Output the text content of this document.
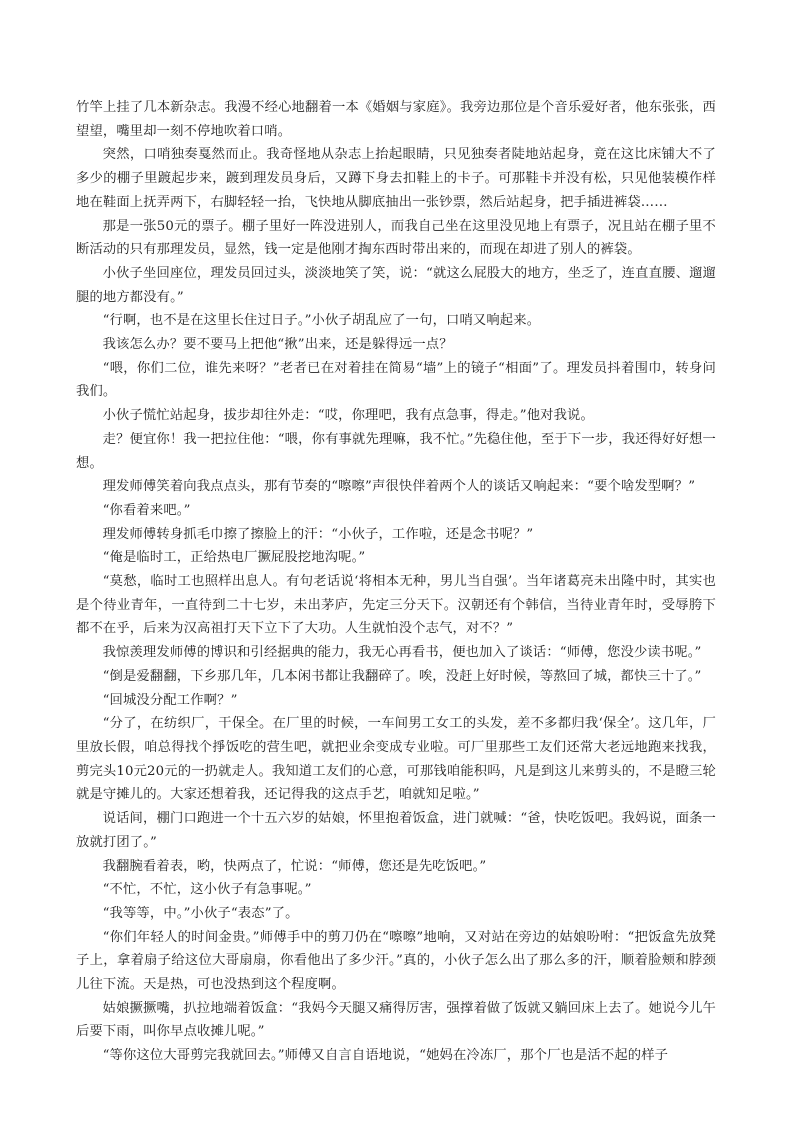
竹竿上挂了几本新杂志。我漫不经心地翻着一本《婚姻与家庭》。我旁边那位是个音乐爱好者，他东张张，西望望，嘴里却一刻不停地吹着口哨。

突然，口哨独奏戛然而止。我奇怪地从杂志上抬起眼睛，只见独奏者陡地站起身，竟在这比床铺大不了多少的棚子里踱起步来，踱到理发员身后，又蹲下身去扣鞋上的卡子。可那鞋卡并没有松，只见他装模作样地在鞋面上抚弄两下，右脚轻轻一抬，飞快地从脚底抽出一张钞票，然后站起身，把手插进裤袋……

那是一张50元的票子。棚子里好一阵没进别人，而我自己坐在这里没见地上有票子，况且站在棚子里不断活动的只有那理发员，显然，钱一定是他刚才掏东西时带出来的，而现在却进了别人的裤袋。

小伙子坐回座位，理发员回过头，淡淡地笑了笑，说：“就这么屁股大的地方，坐乏了，连直直腰、遛遛腿的地方都没有。”

“行啊，也不是在这里长住过日子。”小伙子胡乱应了一句，口哨又响起来。

我该怎么办？要不要马上把他“揪”出来，还是躲得远一点？

“喂，你们二位，谁先来呀？”老者已在对着挂在简易“墙”上的镜子“相面”了。理发员抖着围巾，转身问我们。

小伙子慌忙站起身，拔步却往外走：“哎，你理吧，我有点急事，得走。”他对我说。

走？便宜你！我一把拉住他：“喂，你有事就先理嘛，我不忙。”先稳住他，至于下一步，我还得好好想一想。

理发师傅笑着向我点点头，那有节奏的“嚓嚓”声很快伴着两个人的谈话又响起来：“要个啥发型啊？”

“你看着来吧。”

理发师傅转身抓毛巾擦了擦脸上的汗：“小伙子，工作啦，还是念书呢？”

“俺是临时工，正给热电厂撅屁股挖地沟呢。”

“莫愁，临时工也照样出息人。有句老话说‘将相本无种，男儿当自强’。当年诸葛亮未出隆中时，其实也是个待业青年，一直待到二十七岁，未出茅庐，先定三分天下。汉朝还有个韩信，当待业青年时，受辱胯下都不在乎，后来为汉高祖打天下立下了大功。人生就怕没个志气，对不？”

我惊羡理发师傅的博识和引经据典的能力，我无心再看书，便也加入了谈话：“师傅，您没少读书呢。”

“倒是爱翻翻，下乡那几年，几本闲书都让我翻碎了。唉，没赶上好时候，等熬回了城，都快三十了。”

“回城没分配工作啊？”

“分了，在纺织厂，干保全。在厂里的时候，一车间男工女工的头发，差不多都归我‘保全’。这几年，厂里放长假，咱总得找个掙饭吃的营生吧，就把业余变成专业啦。可厂里那些工友们还常大老远地跑来找我，剪完头10元20元的一扔就走人。我知道工友们的心意，可那钱咱能积吗，凡是到这儿来剪头的，不是瞪三轮就是守摊儿的。大家还想着我，还记得我的这点手艺，咱就知足啦。”

说话间，棚门口跑进一个十五六岁的姑娘，怀里抱着饭盒，进门就喊：“爸，快吃饭吧。我妈说，面条一放就打团了。”

我翻腕看着表，哟，快两点了，忙说：“师傅，您还是先吃饭吧。”

“不忙，不忙，这小伙子有急事呢。”

“我等等，中。”小伙子“表态”了。

“你们年轻人的时间金贵。”师傅手中的剪刀仍在“嚓嚓”地响，又对站在旁边的姑娘吩咐：“把饭盒先放凳子上，拿着扇子给这位大哥扇扇，你看他出了多少汗。”真的，小伙子怎么出了那么多的汗，顺着脸颊和脖颈儿往下流。天是热，可也没热到这个程度啊。

姑娘撅撅嘴，扒拉地端着饭盒：“我妈今天腿又痛得厉害，强撑着做了饭就又躺回床上去了。她说今儿午后要下雨，叫你早点收摊儿呢。”

“等你这位大哥剪完我就回去。”师傅又自言自语地说，“她妈在冷冻厂，那个厂也是活不起的样子
